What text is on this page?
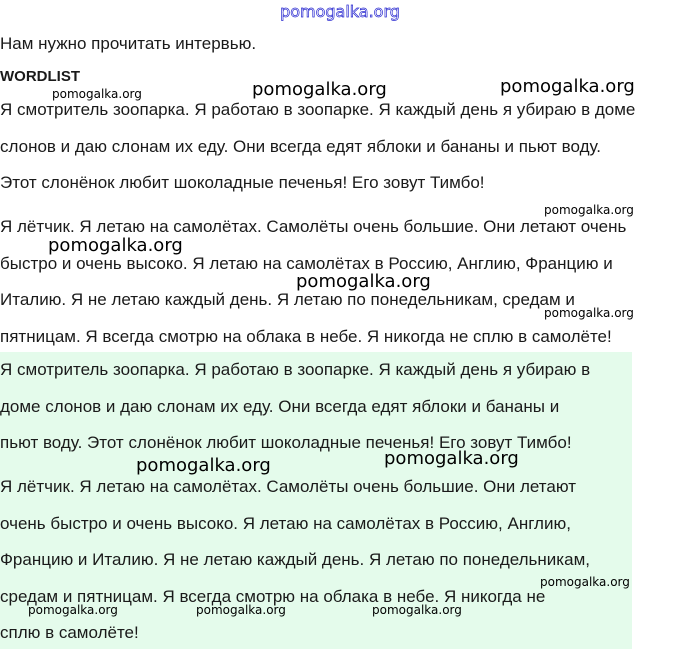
pomogalka.org
Нам нужно прочитать интервью.
WORDLIST
Я смотритель зоопарка. Я работаю в зоопарке. Я каждый день я убираю в доме
слонов и даю слонам их еду. Они всегда едят яблоки и бананы и пьют воду.
Этот слонёнок любит шоколадные печенья! Его зовут Тимбо!
Я лётчик. Я летаю на самолётах. Самолёты очень большие. Они летают очень
быстро и очень высоко. Я летаю на самолётах в Россию, Англию, Францию и
Италию. Я не летаю каждый день. Я летаю по понедельникам, средам и
пятницам. Я всегда смотрю на облака в небе. Я никогда не сплю в самолёте!
Я смотритель зоопарка. Я работаю в зоопарке. Я каждый день я убираю в
доме слонов и даю слонам их еду. Они всегда едят яблоки и бананы и
пьют воду. Этот слонёнок любит шоколадные печенья! Его зовут Тимбо!
Я лётчик. Я летаю на самолётах. Самолёты очень большие. Они летают
очень быстро и очень высоко. Я летаю на самолётах в Россию, Англию,
Францию и Италию. Я не летаю каждый день. Я летаю по понедельникам,
средам и пятницам. Я всегда смотрю на облака в небе. Я никогда не
сплю в самолёте!
pomogalka.org	pomogalka.org	pomogalka.org
pomogalka.org
pomogalka.org
pomogalka.org
pomogalka.org
pomogalka.org	pomogalka.org
pomogalka.org
pomogalka.org	pomogalka.org	pomogalka.org
